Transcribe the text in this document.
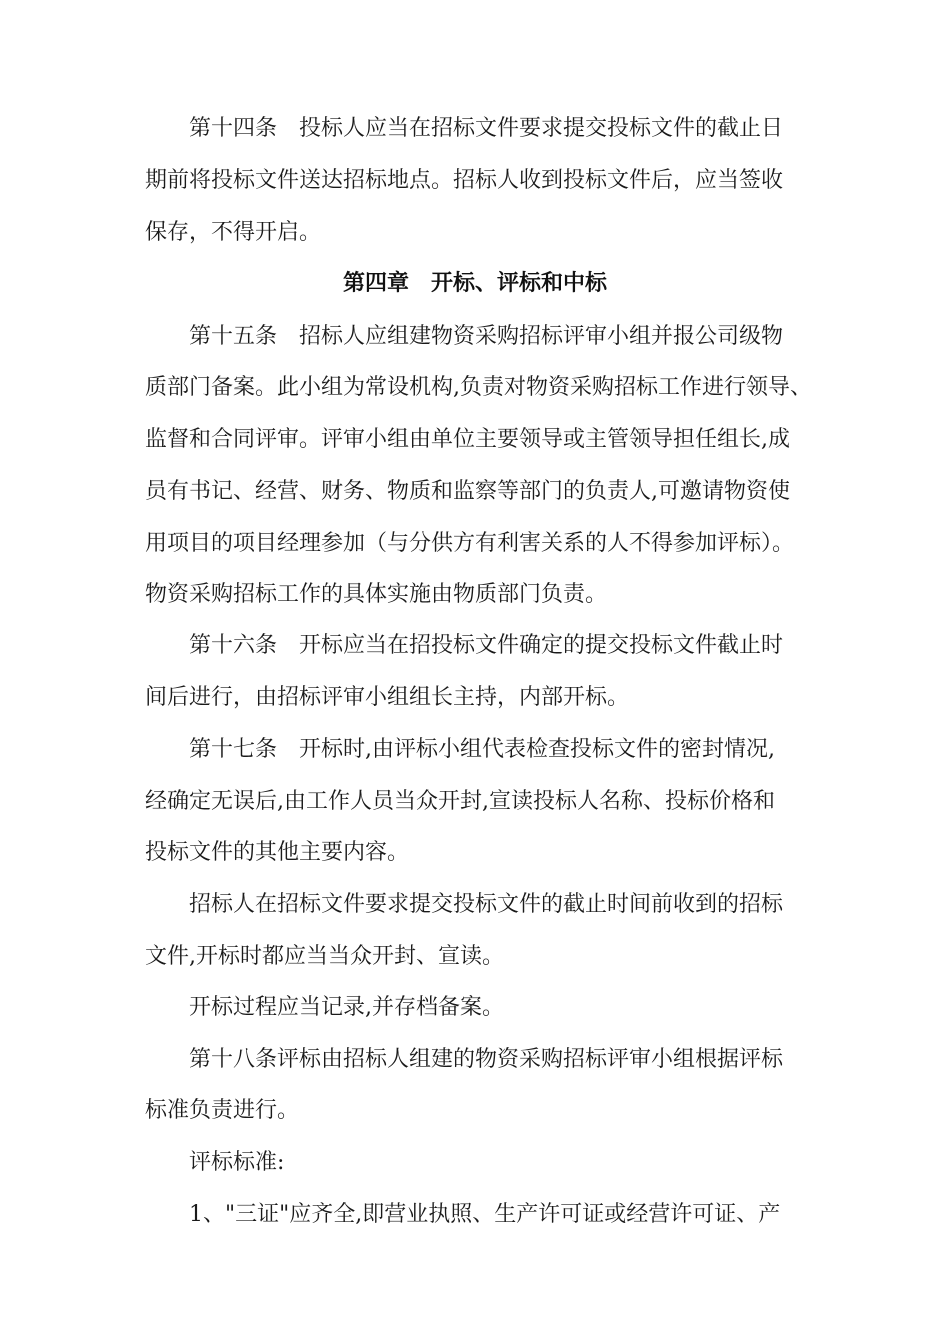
第十四条　投标人应当在招标文件要求提交投标文件的截止日
期前将投标文件送达招标地点。招标人收到投标文件后，应当签收
保存，不得开启。
第四章　开标、评标和中标
第十五条　招标人应组建物资采购招标评审小组并报公司级物
质部门备案。此小组为常设机构,负责对物资采购招标工作进行领导、
监督和合同评审。评审小组由单位主要领导或主管领导担任组长,成
员有书记、经营、财务、物质和监察等部门的负责人,可邀请物资使
用项目的项目经理参加（与分供方有利害关系的人不得参加评标）。
物资采购招标工作的具体实施由物质部门负责。
第十六条　开标应当在招投标文件确定的提交投标文件截止时
间后进行，由招标评审小组组长主持，内部开标。
第十七条　开标时,由评标小组代表检查投标文件的密封情况,
经确定无误后,由工作人员当众开封,宣读投标人名称、投标价格和
投标文件的其他主要内容。
招标人在招标文件要求提交投标文件的截止时间前收到的招标
文件,开标时都应当当众开封、宣读。
开标过程应当记录,并存档备案。
第十八条评标由招标人组建的物资采购招标评审小组根据评标
标准负责进行。
评标标准:
1、"三证"应齐全,即营业执照、生产许可证或经营许可证、产
